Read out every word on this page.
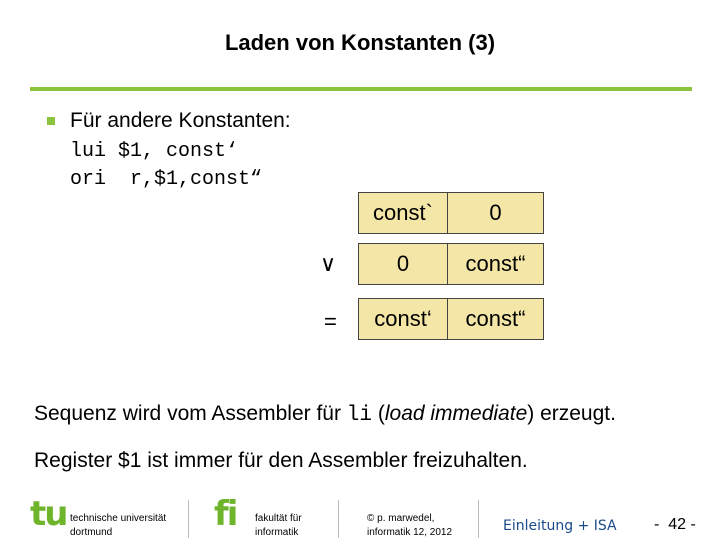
Laden von Konstanten (3)
Für andere Konstanten:
lui $1, const‘
ori  r,$1,const“
const`	0
∨	0	const“
=	const‘	const“
Sequenz wird vom Assembler für li (load immediate) erzeugt.
Register $1 ist immer für den Assembler freizuhalten.
tu technische universität
dortmund	fi fakultät für
informatik
© p. marwedel,
informatik 12, 2012	Einleitung + ISA -  42 -
